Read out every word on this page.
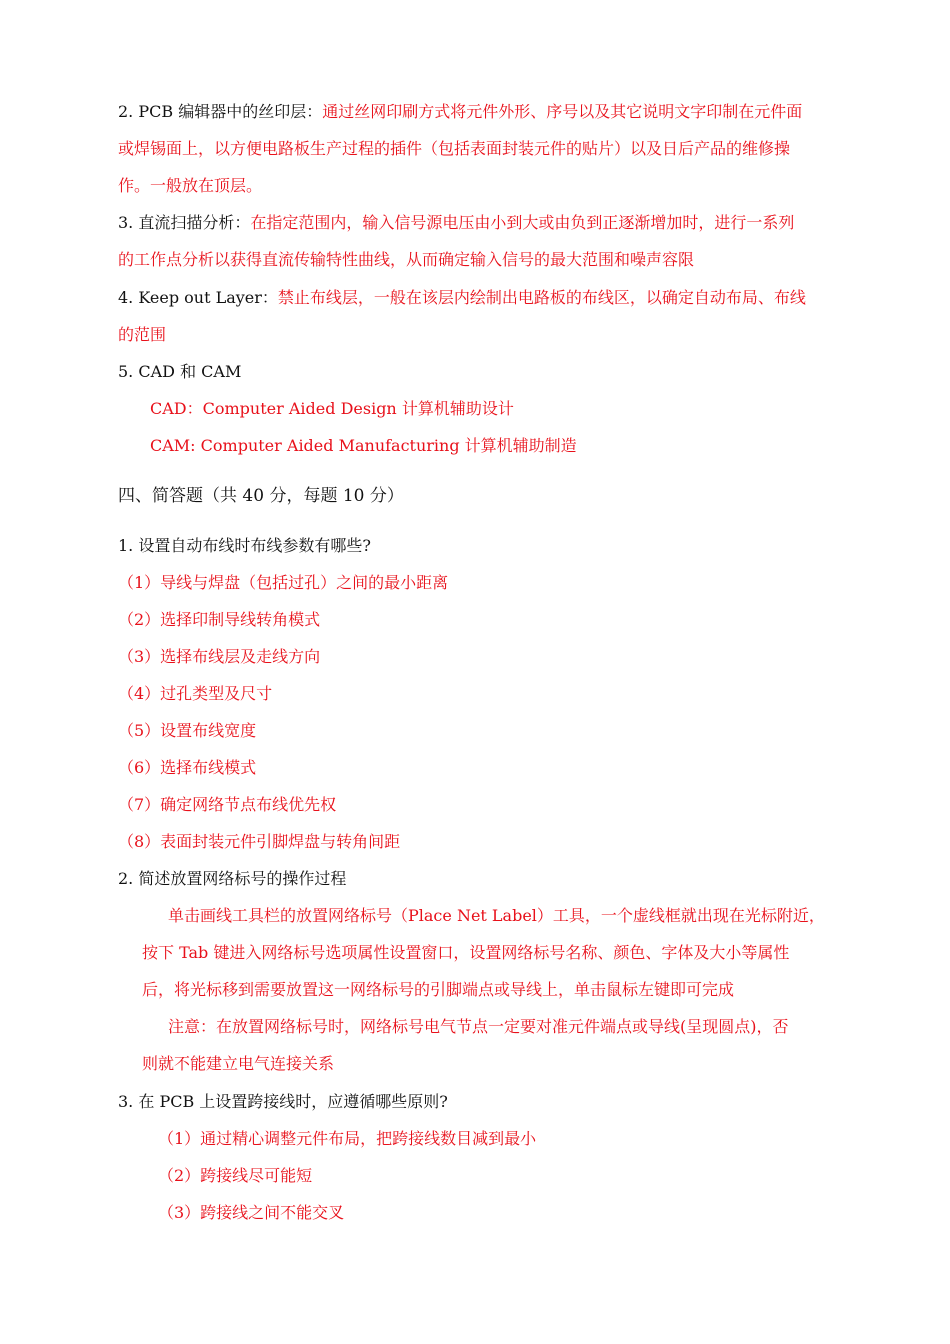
2. PCB 编辑器中的丝印层：通过丝网印刷方式将元件外形、序号以及其它说明文字印制在元件面
或焊锡面上，以方便电路板生产过程的插件（包括表面封装元件的贴片）以及日后产品的维修操
作。一般放在顶层。
3. 直流扫描分析：在指定范围内，输入信号源电压由小到大或由负到正逐渐增加时，进行一系列
的工作点分析以获得直流传输特性曲线，从而确定输入信号的最大范围和噪声容限
4. Keep out Layer：禁止布线层，一般在该层内绘制出电路板的布线区，以确定自动布局、布线
的范围
5. CAD 和 CAM
CAD：Computer Aided Design 计算机辅助设计
CAM: Computer Aided Manufacturing 计算机辅助制造
四、简答题（共 40 分，每题 10 分）
1. 设置自动布线时布线参数有哪些?
（1）导线与焊盘（包括过孔）之间的最小距离
（2）选择印制导线转角模式
（3）选择布线层及走线方向
（4）过孔类型及尺寸
（5）设置布线宽度
（6）选择布线模式
（7）确定网络节点布线优先权
（8）表面封装元件引脚焊盘与转角间距
2. 简述放置网络标号的操作过程
单击画线工具栏的放置网络标号（Place Net Label）工具，一个虚线框就出现在光标附近，
按下 Tab 键进入网络标号选项属性设置窗口，设置网络标号名称、颜色、字体及大小等属性
后，将光标移到需要放置这一网络标号的引脚端点或导线上，单击鼠标左键即可完成
注意：在放置网络标号时，网络标号电气节点一定要对准元件端点或导线(呈现圆点)，否
则就不能建立电气连接关系
3. 在 PCB 上设置跨接线时，应遵循哪些原则?
（1）通过精心调整元件布局，把跨接线数目减到最小
（2）跨接线尽可能短
（3）跨接线之间不能交叉
